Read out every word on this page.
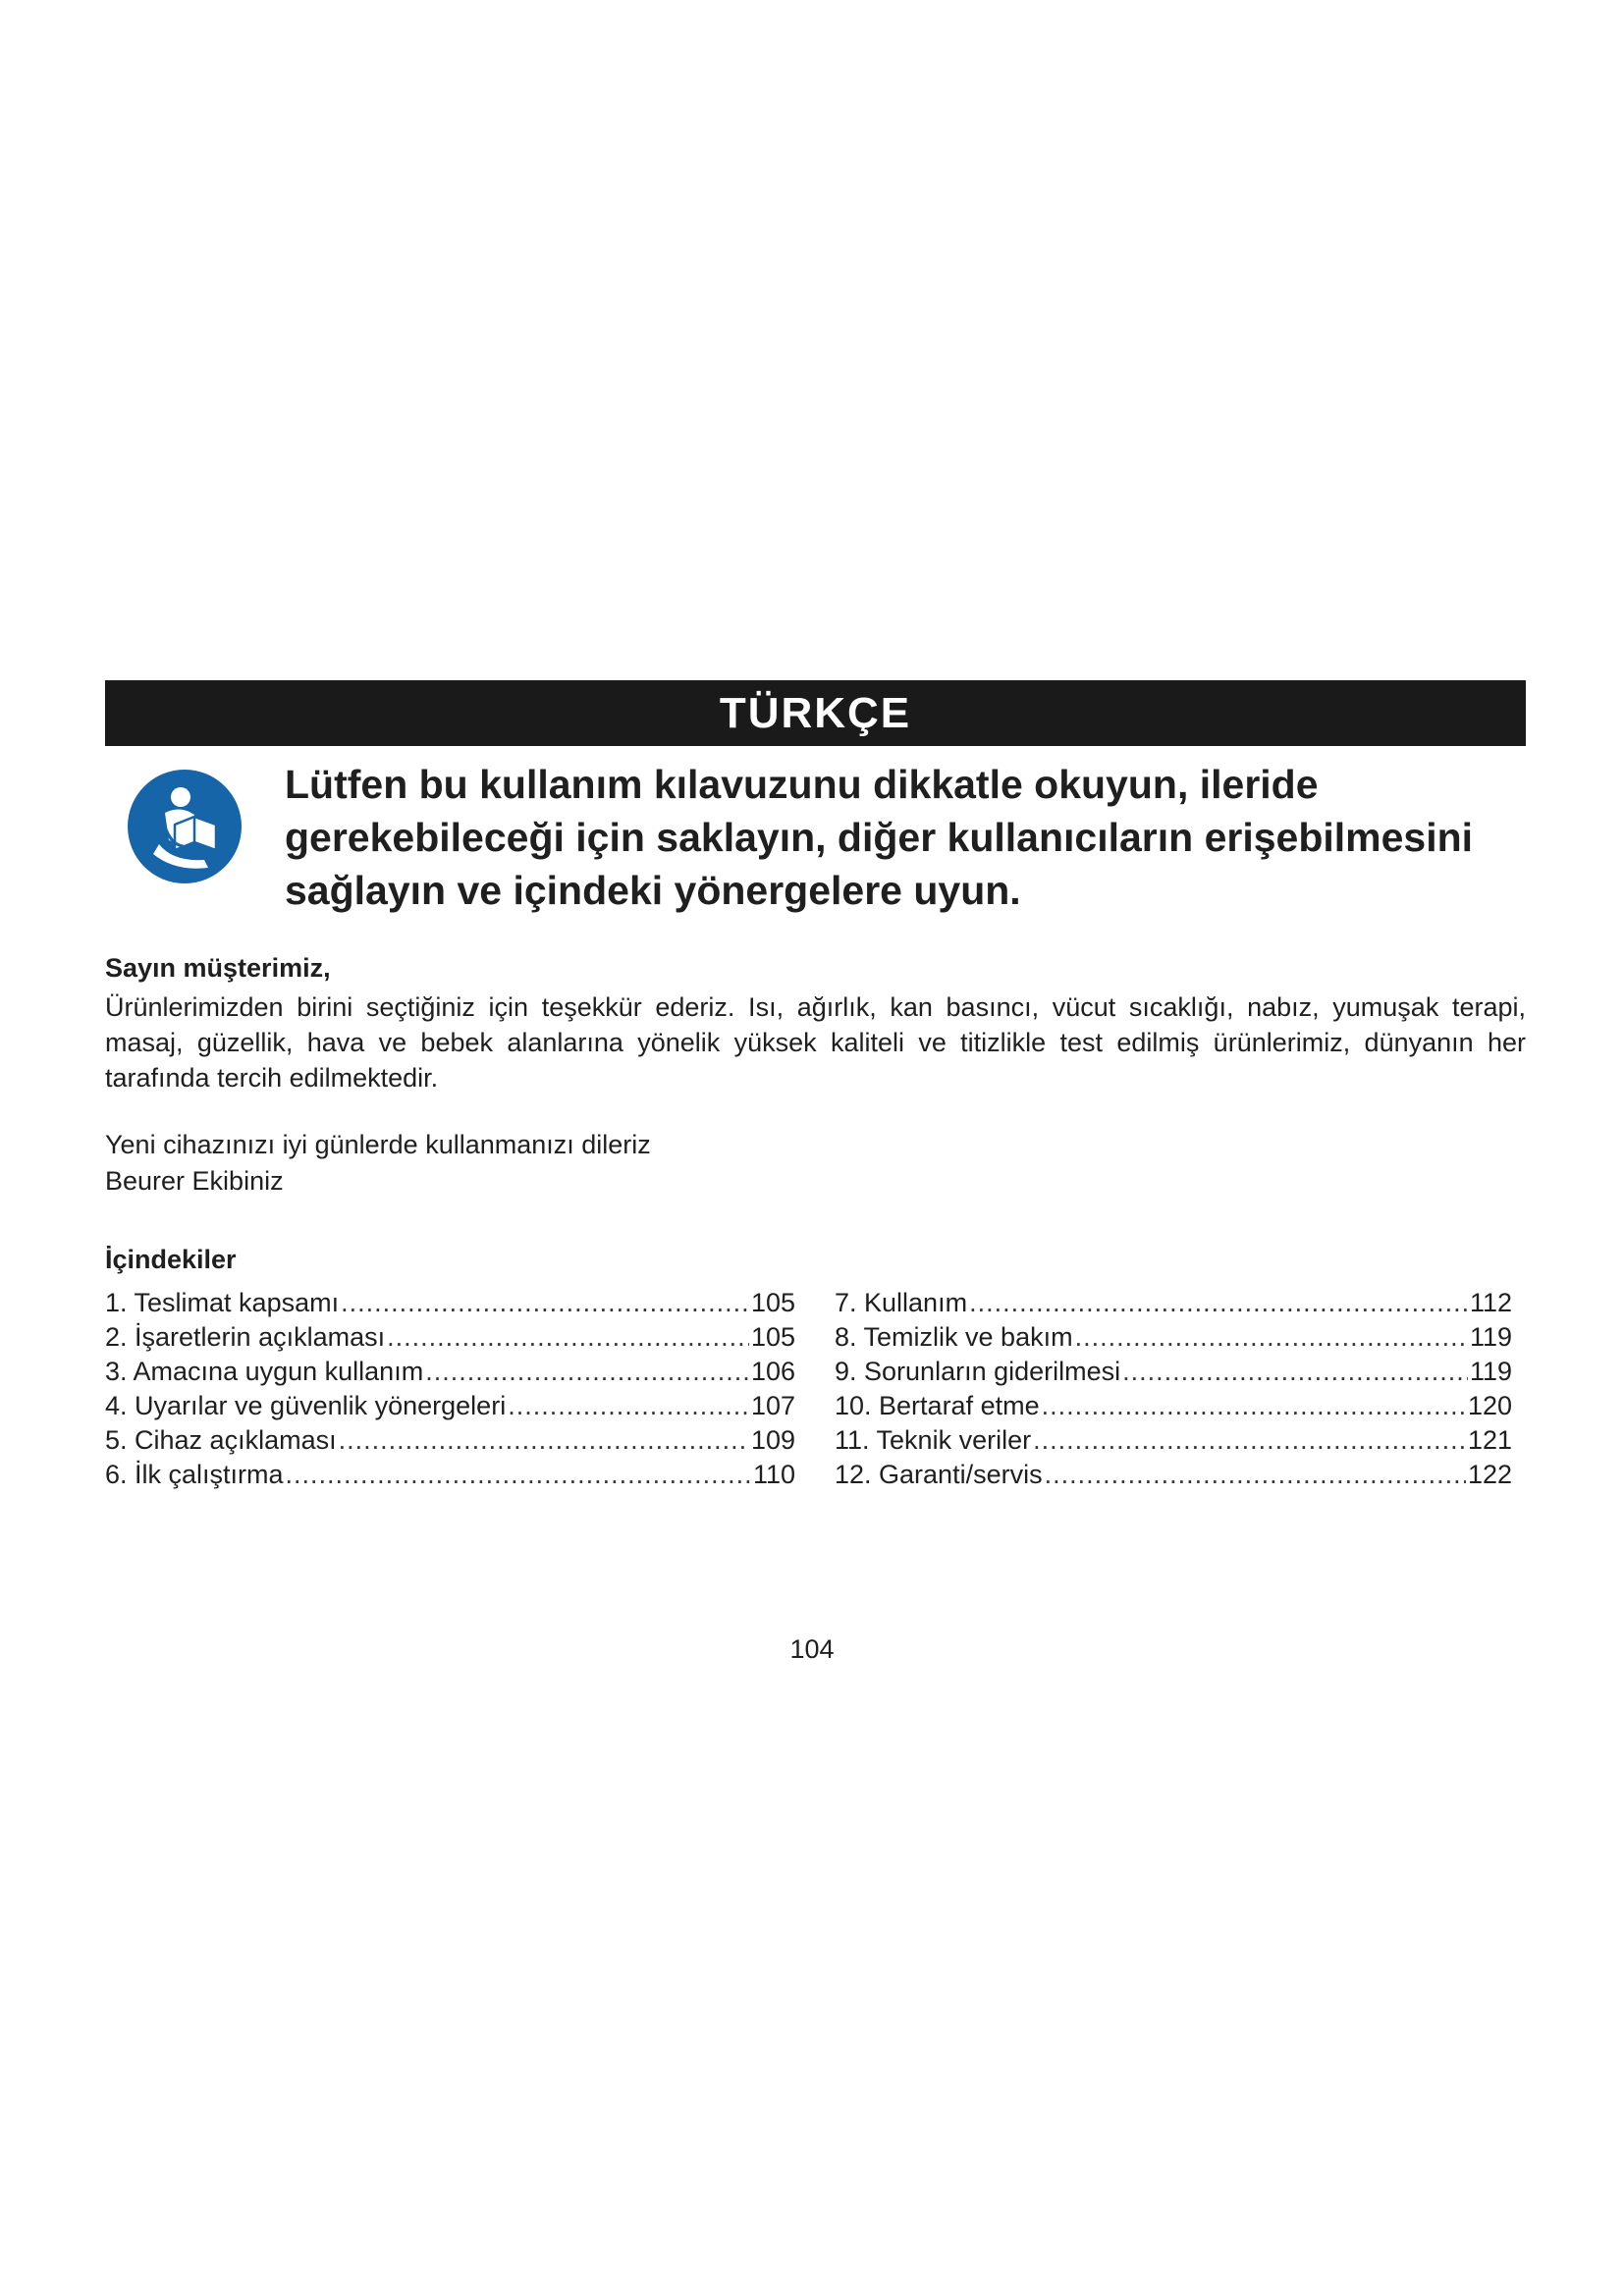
TÜRKÇE

Lütfen bu kullanım kılavuzunu dikkatle okuyun, ileride gerekebileceği için saklayın, diğer kullanıcıların erişebilmesini sağlayın ve içindeki yönergelere uyun.

Sayın müşterimiz,

Ürünlerimizden birini seçtiğiniz için teşekkür ederiz. Isı, ağırlık, kan basıncı, vücut sıcaklığı, nabız, yumuşak terapi, masaj, güzellik, hava ve bebek alanlarına yönelik yüksek kaliteli ve titizlikle test edilmiş ürünlerimiz, dünyanın her tarafında tercih edilmektedir.

Yeni cihazınızı iyi günlerde kullanmanızı dileriz
Beurer Ekibiniz

İçindekiler

1. Teslimat kapsamı .....	105
2. İşaretlerin açıklaması .....	105
3. Amacına uygun kullanım .....	106
4. Uyarılar ve güvenlik yönergeleri .....	107
5. Cihaz açıklaması .....	109
6. İlk çalıştırma .....	110
7. Kullanım .....	112
8. Temizlik ve bakım .....	119
9. Sorunların giderilmesi .....	119
10. Bertaraf etme .....	120
11. Teknik veriler .....	121
12. Garanti/servis .....	122

104
